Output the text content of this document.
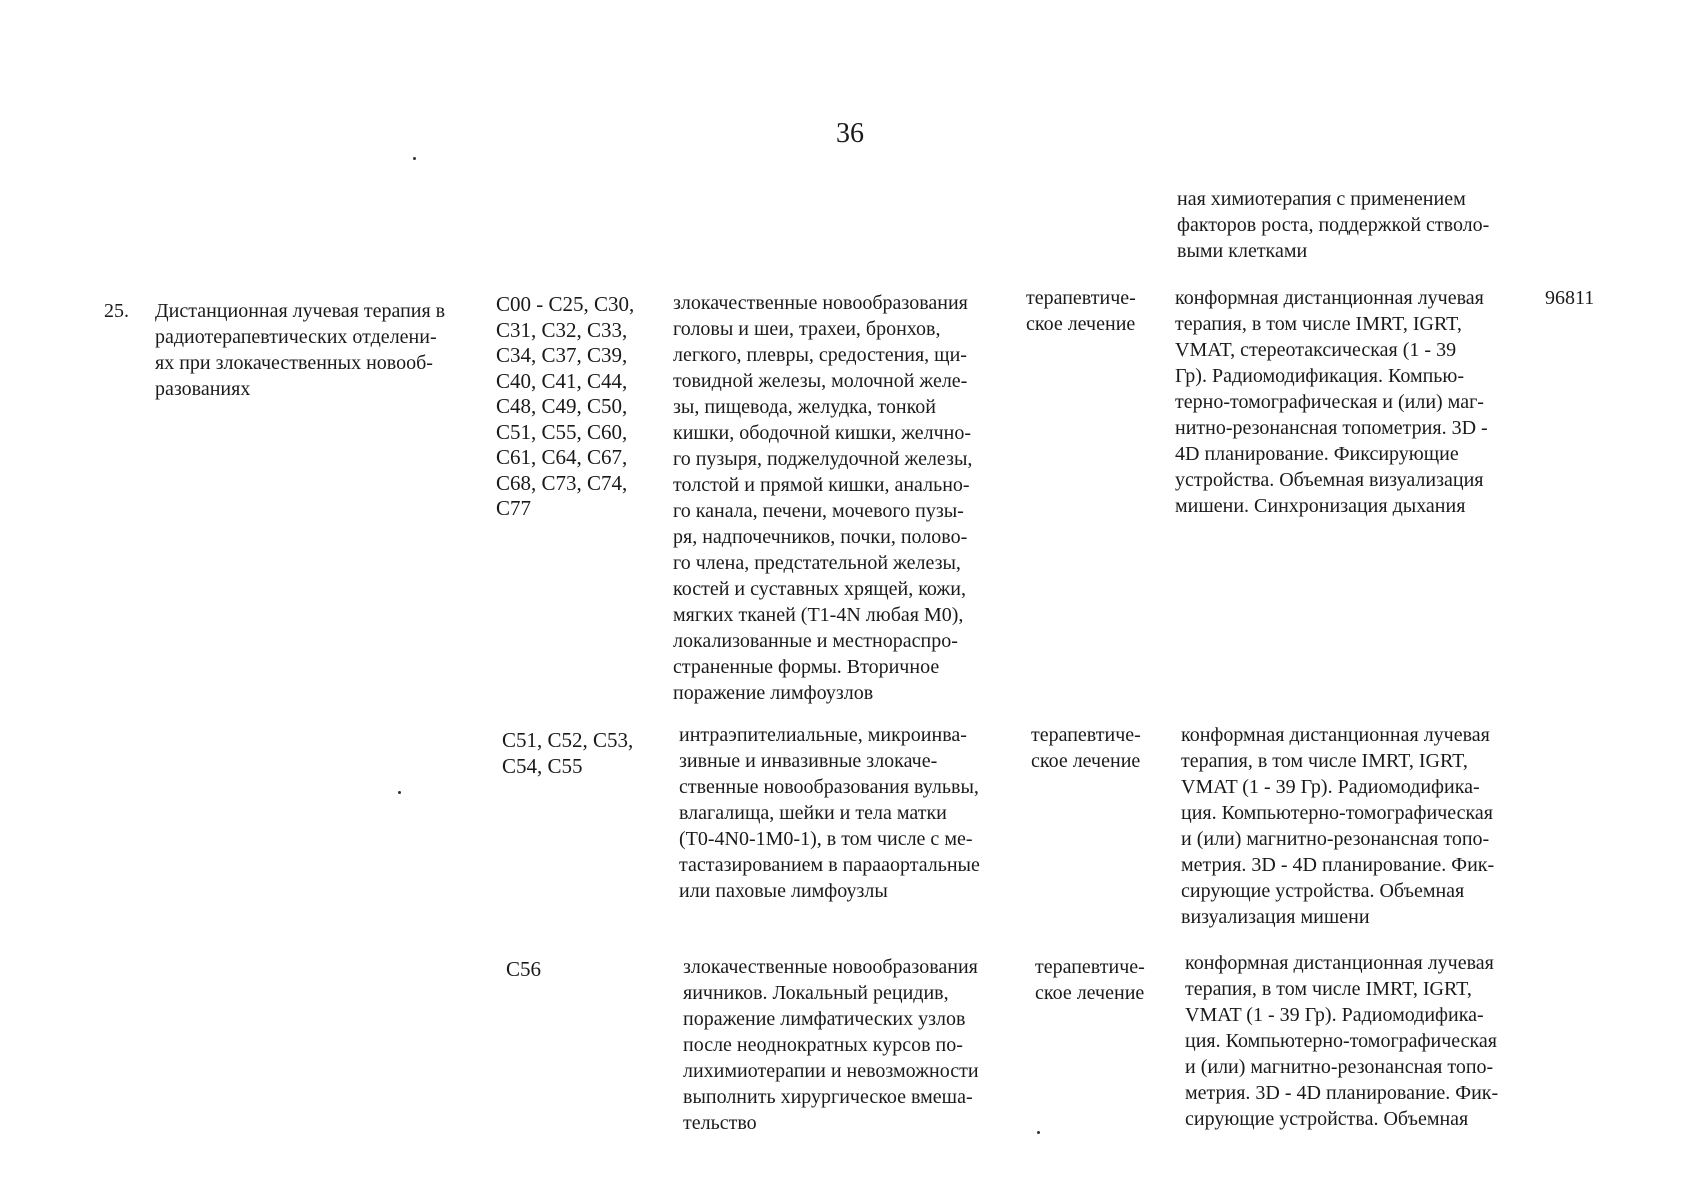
36
ная химиотерапия с применением
факторов роста, поддержкой стволо-
выми клетками
25.	Дистанционная лучевая терапия в
радиотерапевтических отделени-
ях при злокачественных новооб-
разованиях
96811
С00 - С25, С30,
С31, С32, С33,
С34, С37, С39,
С40, С41, С44,
С48, С49, С50,
С51, С55, С60,
С61, С64, С67,
С68, С73, С74,
С77
злокачественные новообразования
головы и шеи, трахеи, бронхов,
легкого, плевры, средостения, щи-
товидной железы, молочной желе-
зы, пищевода, желудка, тонкой
кишки, ободочной кишки, желчно-
го пузыря, поджелудочной железы,
толстой и прямой кишки, анально-
го канала, печени, мочевого пузы-
ря, надпочечников, почки, полово-
го члена, предстательной железы,
костей и суставных хрящей, кожи,
мягких тканей (T1-4N любая M0),
локализованные и местнораспро-
страненные формы. Вторичное
поражение лимфоузлов
терапевтиче-
ское лечение
конформная дистанционная лучевая
терапия, в том числе IMRT, IGRT,
VMAT, стереотаксическая (1 - 39
Гр). Радиомодификация. Компью-
терно-томографическая и (или) маг-
нитно-резонансная топометрия. 3D -
4D планирование. Фиксирующие
устройства. Объемная визуализация
мишени. Синхронизация дыхания
С51, С52, С53,
С54, С55
интраэпителиальные, микроинва-
зивные и инвазивные злокаче-
ственные новообразования вульвы,
влагалища, шейки и тела матки
(T0-4N0-1M0-1), в том числе с ме-
тастазированием в парааортальные
или паховые лимфоузлы
терапевтиче-
ское лечение
конформная дистанционная лучевая
терапия, в том числе IMRT, IGRT,
VMAT (1 - 39 Гр). Радиомодифика-
ция. Компьютерно-томографическая
и (или) магнитно-резонансная топо-
метрия. 3D - 4D планирование. Фик-
сирующие устройства. Объемная
визуализация мишени
С56	злокачественные новообразования
яичников. Локальный рецидив,
поражение лимфатических узлов
после неоднократных курсов по-
лихимиотерапии и невозможности
выполнить хирургическое вмеша-
тельство
терапевтиче-
ское лечение
конформная дистанционная лучевая
терапия, в том числе IMRT, IGRT,
VMAT (1 - 39 Гр). Радиомодифика-
ция. Компьютерно-томографическая
и (или) магнитно-резонансная топо-
метрия. 3D - 4D планирование. Фик-
сирующие устройства. Объемная
